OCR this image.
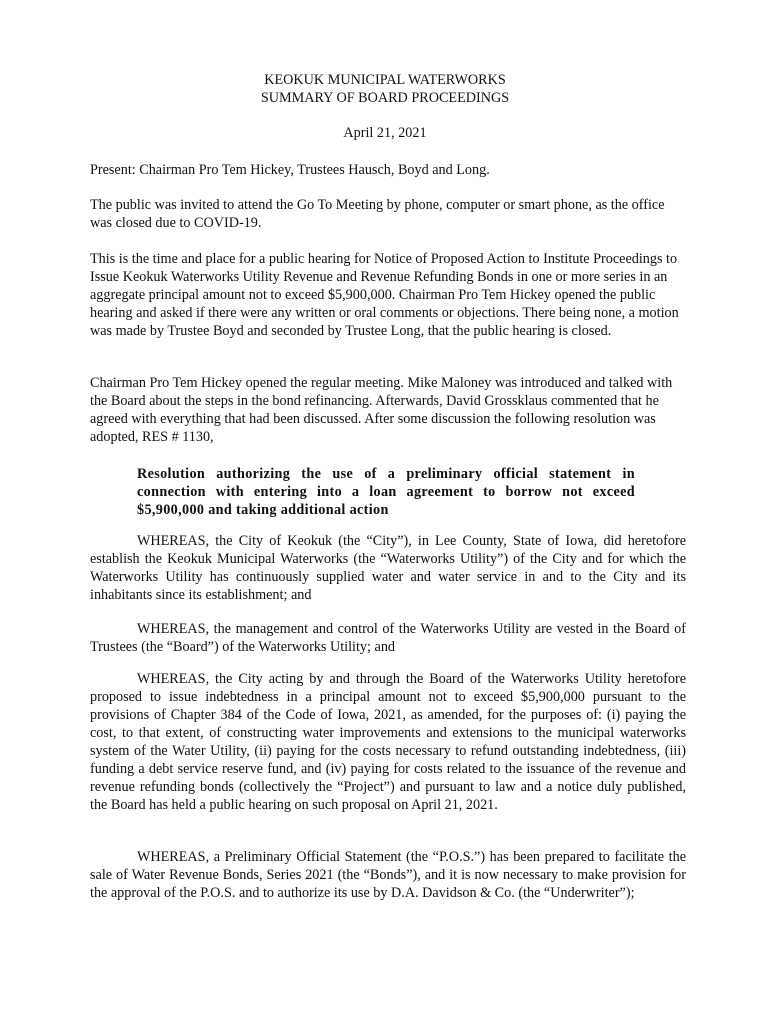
KEOKUK MUNICIPAL WATERWORKS
SUMMARY OF BOARD PROCEEDINGS
April 21, 2021

Present: Chairman Pro Tem Hickey, Trustees Hausch, Boyd and Long.

The public was invited to attend the Go To Meeting by phone, computer or smart phone, as the office was closed due to COVID-19.

This is the time and place for a public hearing for Notice of Proposed Action to Institute Proceedings to Issue Keokuk Waterworks Utility Revenue and Revenue Refunding Bonds in one or more series in an aggregate principal amount not to exceed $5,900,000. Chairman Pro Tem Hickey opened the public hearing and asked if there were any written or oral comments or objections. There being none, a motion was made by Trustee Boyd and seconded by Trustee Long, that the public hearing is closed.

Chairman Pro Tem Hickey opened the regular meeting. Mike Maloney was introduced and talked with the Board about the steps in the bond refinancing. Afterwards, David Grossklaus commented that he agreed with everything that had been discussed. After some discussion the following resolution was adopted, RES # 1130,

Resolution authorizing the use of a preliminary official statement in connection with entering into a loan agreement to borrow not exceed $5,900,000 and taking additional action

WHEREAS, the City of Keokuk (the “City”), in Lee County, State of Iowa, did heretofore establish the Keokuk Municipal Waterworks (the “Waterworks Utility”) of the City and for which the Waterworks Utility has continuously supplied water and water service in and to the City and its inhabitants since its establishment; and

WHEREAS, the management and control of the Waterworks Utility are vested in the Board of Trustees (the “Board”) of the Waterworks Utility; and

WHEREAS, the City acting by and through the Board of the Waterworks Utility heretofore proposed to issue indebtedness in a principal amount not to exceed $5,900,000 pursuant to the provisions of Chapter 384 of the Code of Iowa, 2021, as amended, for the purposes of: (i) paying the cost, to that extent, of constructing water improvements and extensions to the municipal waterworks system of the Water Utility, (ii) paying for the costs necessary to refund outstanding indebtedness, (iii) funding a debt service reserve fund, and (iv) paying for costs related to the issuance of the revenue and revenue refunding bonds (collectively the “Project”) and pursuant to law and a notice duly published, the Board has held a public hearing on such proposal on April 21, 2021.

WHEREAS, a Preliminary Official Statement (the “P.O.S.”) has been prepared to facilitate the sale of Water Revenue Bonds, Series 2021 (the “Bonds”), and it is now necessary to make provision for the approval of the P.O.S. and to authorize its use by D.A. Davidson & Co. (the “Underwriter”);
